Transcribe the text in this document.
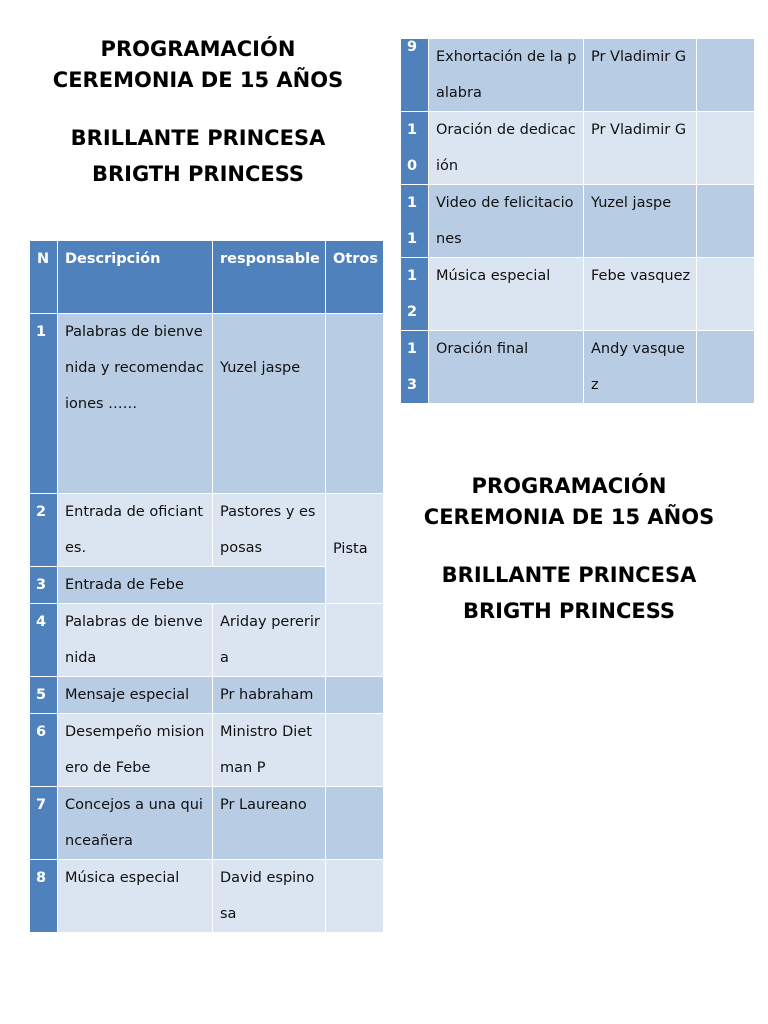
PROGRAMACIÓN
CEREMONIA DE 15 AÑOS
BRILLANTE PRINCESA
BRIGTH PRINCESS
N	Descripción	responsable	Otros
1	Palabras de bienvenida y recomendaciones ……	Yuzel jaspe	
2	Entrada de oficiantes.	Pastores y esposas	Pista
3	Entrada de Febe		
4	Palabras de bienvenida	Ariday pererira	
5	Mensaje especial	Pr habraham	
6	Desempeño misionero de Febe	Ministro Dietman P	
7	Concejos a una quinceañera	Pr Laureano	
8	Música especial	David espinosa	
9	Exhortación de la palabra	Pr Vladimir G	
10	Oración de dedicación	Pr Vladimir G	
11	Video de felicitaciones	Yuzel jaspe	
12	Música especial	Febe vasquez	
13	Oración final	Andy vasquez	
PROGRAMACIÓN
CEREMONIA DE 15 AÑOS
BRILLANTE PRINCESA
BRIGTH PRINCESS
